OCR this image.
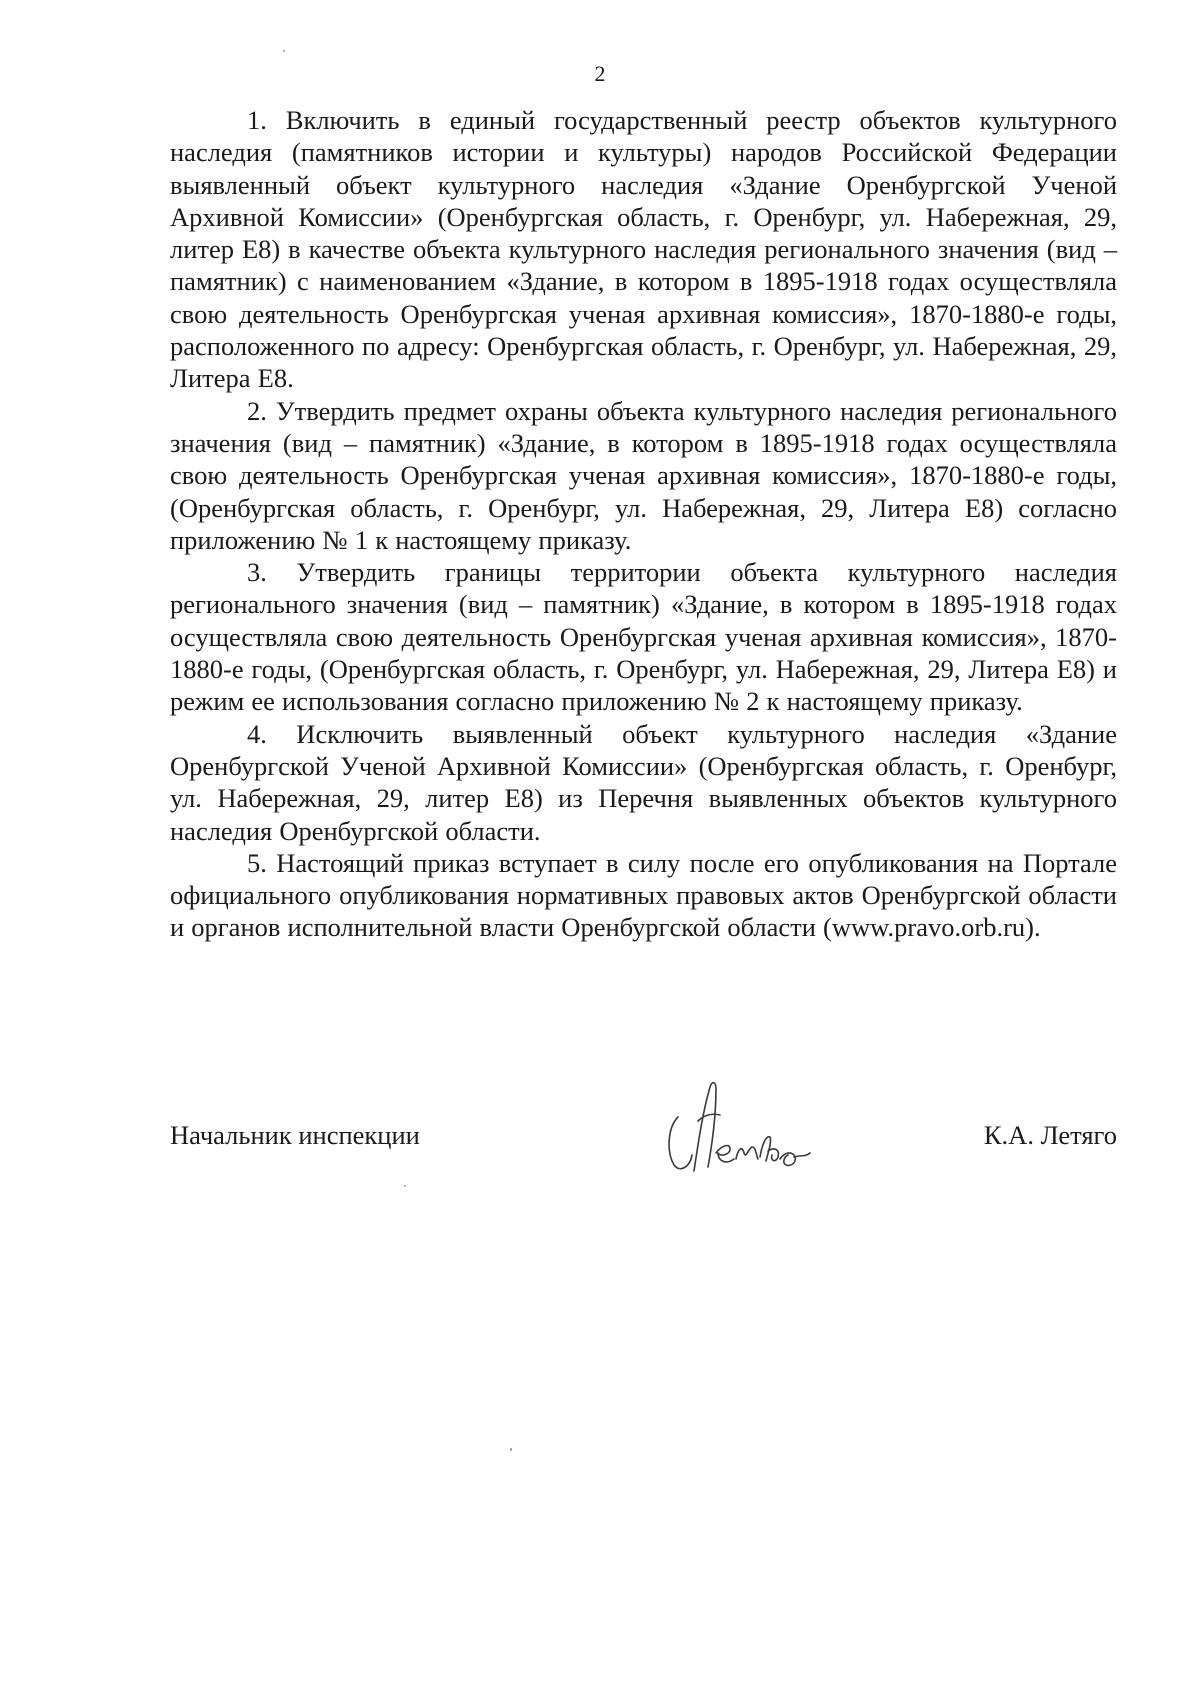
2

1. Включить в единый государственный реестр объектов культурного наследия (памятников истории и культуры) народов Российской Федерации выявленный объект культурного наследия «Здание Оренбургской Ученой Архивной Комиссии» (Оренбургская область, г. Оренбург, ул. Набережная, 29, литер Е8) в качестве объекта культурного наследия регионального значения (вид – памятник) с наименованием «Здание, в котором в 1895-1918 годах осуществляла свою деятельность Оренбургская ученая архивная комиссия», 1870-1880-е годы, расположенного по адресу: Оренбургская область, г. Оренбург, ул. Набережная, 29, Литера Е8.

2. Утвердить предмет охраны объекта культурного наследия регионального значения (вид – памятник) «Здание, в котором в 1895-1918 годах осуществляла свою деятельность Оренбургская ученая архивная комиссия», 1870-1880-е годы, (Оренбургская область, г. Оренбург, ул. Набережная, 29, Литера Е8) согласно приложению № 1 к настоящему приказу.

3. Утвердить границы территории объекта культурного наследия регионального значения (вид – памятник) «Здание, в котором в 1895-1918 годах осуществляла свою деятельность Оренбургская ученая архивная комиссия», 1870-1880-е годы, (Оренбургская область, г. Оренбург, ул. Набережная, 29, Литера Е8) и режим ее использования согласно приложению № 2 к настоящему приказу.

4. Исключить выявленный объект культурного наследия «Здание Оренбургской Ученой Архивной Комиссии» (Оренбургская область, г. Оренбург, ул. Набережная, 29, литер Е8) из Перечня выявленных объектов культурного наследия Оренбургской области.

5. Настоящий приказ вступает в силу после его опубликования на Портале официального опубликования нормативных правовых актов Оренбургской области и органов исполнительной власти Оренбургской области (www.pravo.orb.ru).

Начальник инспекции	К.А. Летяго
